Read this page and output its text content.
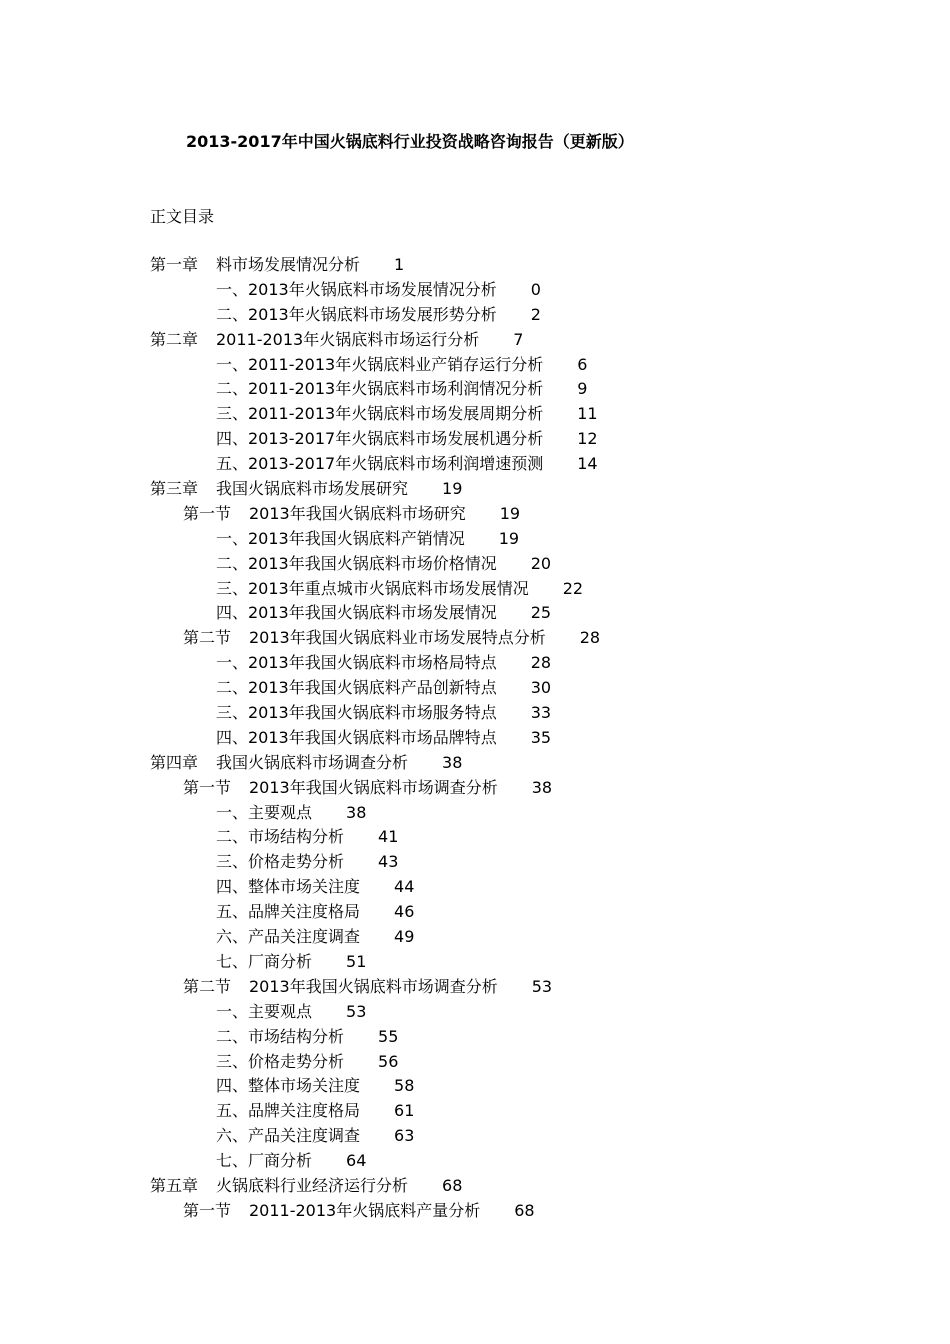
2013-2017年中国火锅底料行业投资战略咨询报告（更新版）
正文目录
第一章 料市场发展情况分析 1
一、2013年火锅底料市场发展情况分析 0
二、2013年火锅底料市场发展形势分析 2
第二章 2011-2013年火锅底料市场运行分析 7
一、2011-2013年火锅底料业产销存运行分析 6
二、2011-2013年火锅底料市场利润情况分析 9
三、2011-2013年火锅底料市场发展周期分析 11
四、2013-2017年火锅底料市场发展机遇分析 12
五、2013-2017年火锅底料市场利润增速预测 14
第三章 我国火锅底料市场发展研究 19
第一节 2013年我国火锅底料市场研究 19
一、2013年我国火锅底料产销情况 19
二、2013年我国火锅底料市场价格情况 20
三、2013年重点城市火锅底料市场发展情况 22
四、2013年我国火锅底料市场发展情况 25
第二节 2013年我国火锅底料业市场发展特点分析 28
一、2013年我国火锅底料市场格局特点 28
二、2013年我国火锅底料产品创新特点 30
三、2013年我国火锅底料市场服务特点 33
四、2013年我国火锅底料市场品牌特点 35
第四章 我国火锅底料市场调查分析 38
第一节 2013年我国火锅底料市场调查分析 38
一、主要观点 38
二、市场结构分析 41
三、价格走势分析 43
四、整体市场关注度 44
五、品牌关注度格局 46
六、产品关注度调查 49
七、厂商分析 51
第二节 2013年我国火锅底料市场调查分析 53
一、主要观点 53
二、市场结构分析 55
三、价格走势分析 56
四、整体市场关注度 58
五、品牌关注度格局 61
六、产品关注度调查 63
七、厂商分析 64
第五章 火锅底料行业经济运行分析 68
第一节 2011-2013年火锅底料产量分析 68
